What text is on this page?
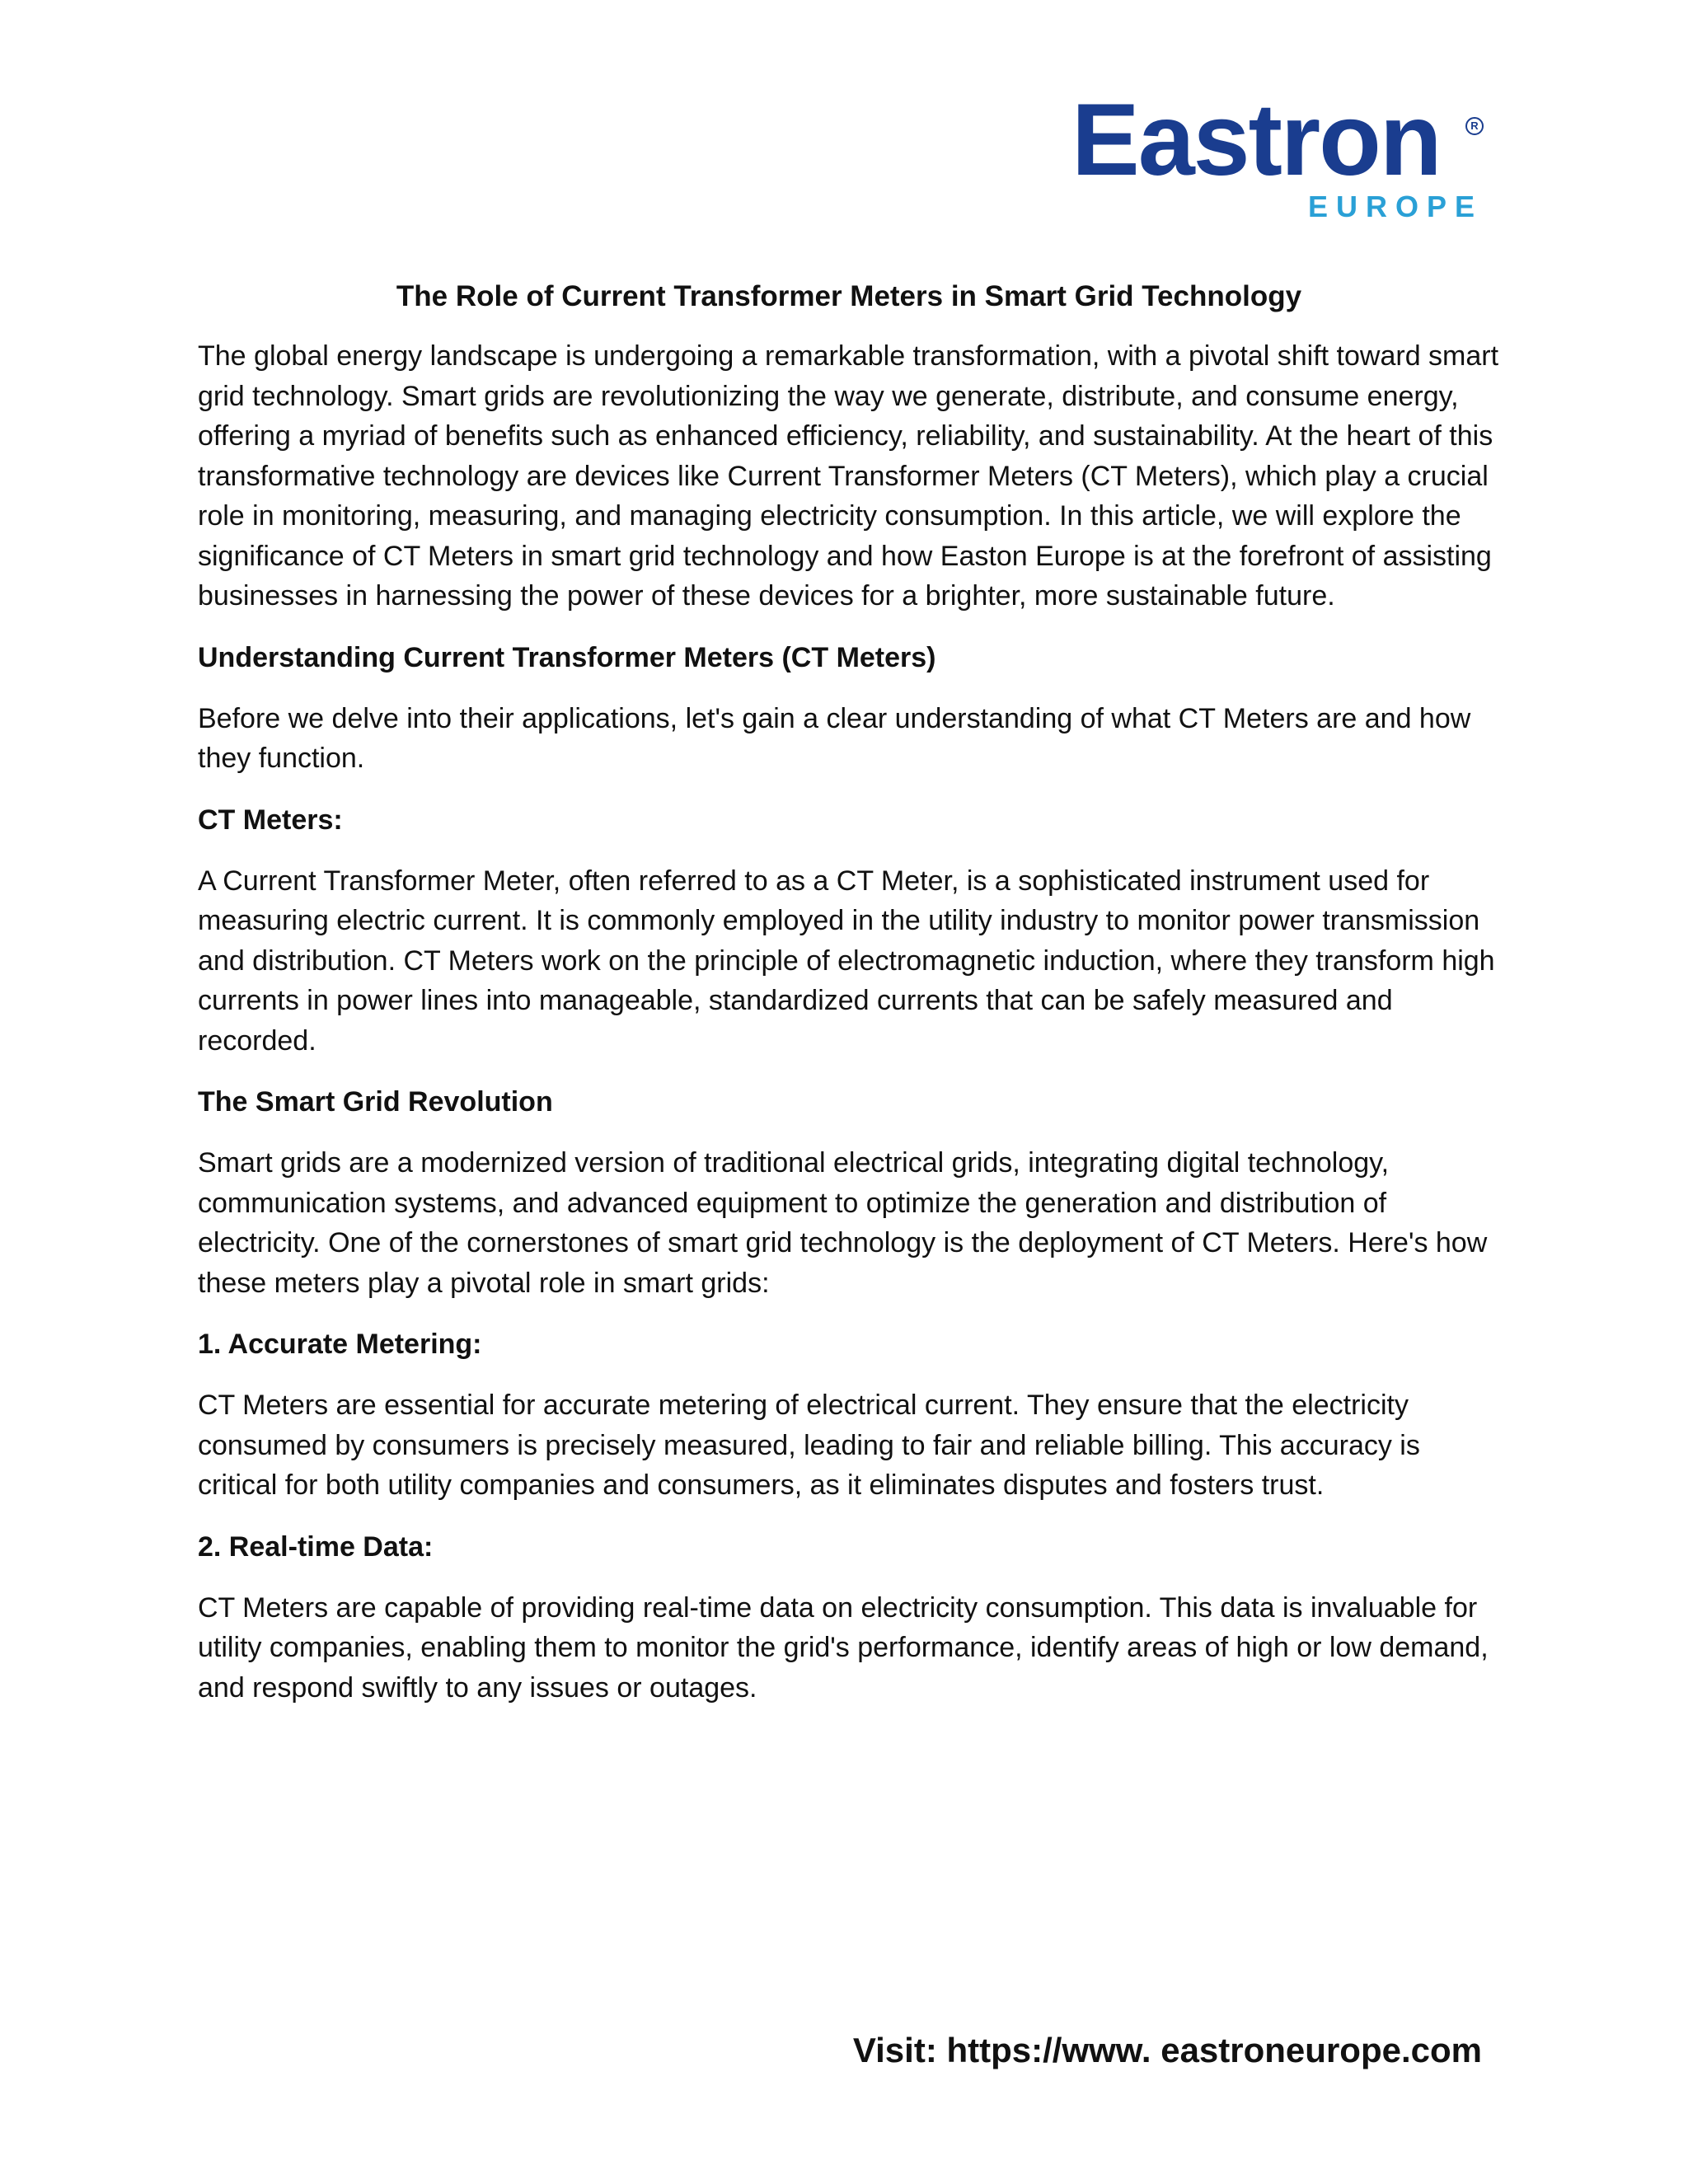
Eastron	R
EUROPE
The Role of Current Transformer Meters in Smart Grid Technology

The global energy landscape is undergoing a remarkable transformation, with a pivotal shift toward smart grid technology. Smart grids are revolutionizing the way we generate, distribute, and consume energy, offering a myriad of benefits such as enhanced efficiency, reliability, and sustainability. At the heart of this transformative technology are devices like Current Transformer Meters (CT Meters), which play a crucial role in monitoring, measuring, and managing electricity consumption. In this article, we will explore the significance of CT Meters in smart grid technology and how Easton Europe is at the forefront of assisting businesses in harnessing the power of these devices for a brighter, more sustainable future.

Understanding Current Transformer Meters (CT Meters)

Before we delve into their applications, let's gain a clear understanding of what CT Meters are and how they function.

CT Meters:

A Current Transformer Meter, often referred to as a CT Meter, is a sophisticated instrument used for measuring electric current. It is commonly employed in the utility industry to monitor power transmission and distribution. CT Meters work on the principle of electromagnetic induction, where they transform high currents in power lines into manageable, standardized currents that can be safely measured and recorded.

The Smart Grid Revolution

Smart grids are a modernized version of traditional electrical grids, integrating digital technology, communication systems, and advanced equipment to optimize the generation and distribution of electricity. One of the cornerstones of smart grid technology is the deployment of CT Meters. Here's how these meters play a pivotal role in smart grids:

1. Accurate Metering:

CT Meters are essential for accurate metering of electrical current. They ensure that the electricity consumed by consumers is precisely measured, leading to fair and reliable billing. This accuracy is critical for both utility companies and consumers, as it eliminates disputes and fosters trust.

2. Real-time Data:

CT Meters are capable of providing real-time data on electricity consumption. This data is invaluable for utility companies, enabling them to monitor the grid's performance, identify areas of high or low demand, and respond swiftly to any issues or outages.

Visit: https://www. eastroneurope.com
